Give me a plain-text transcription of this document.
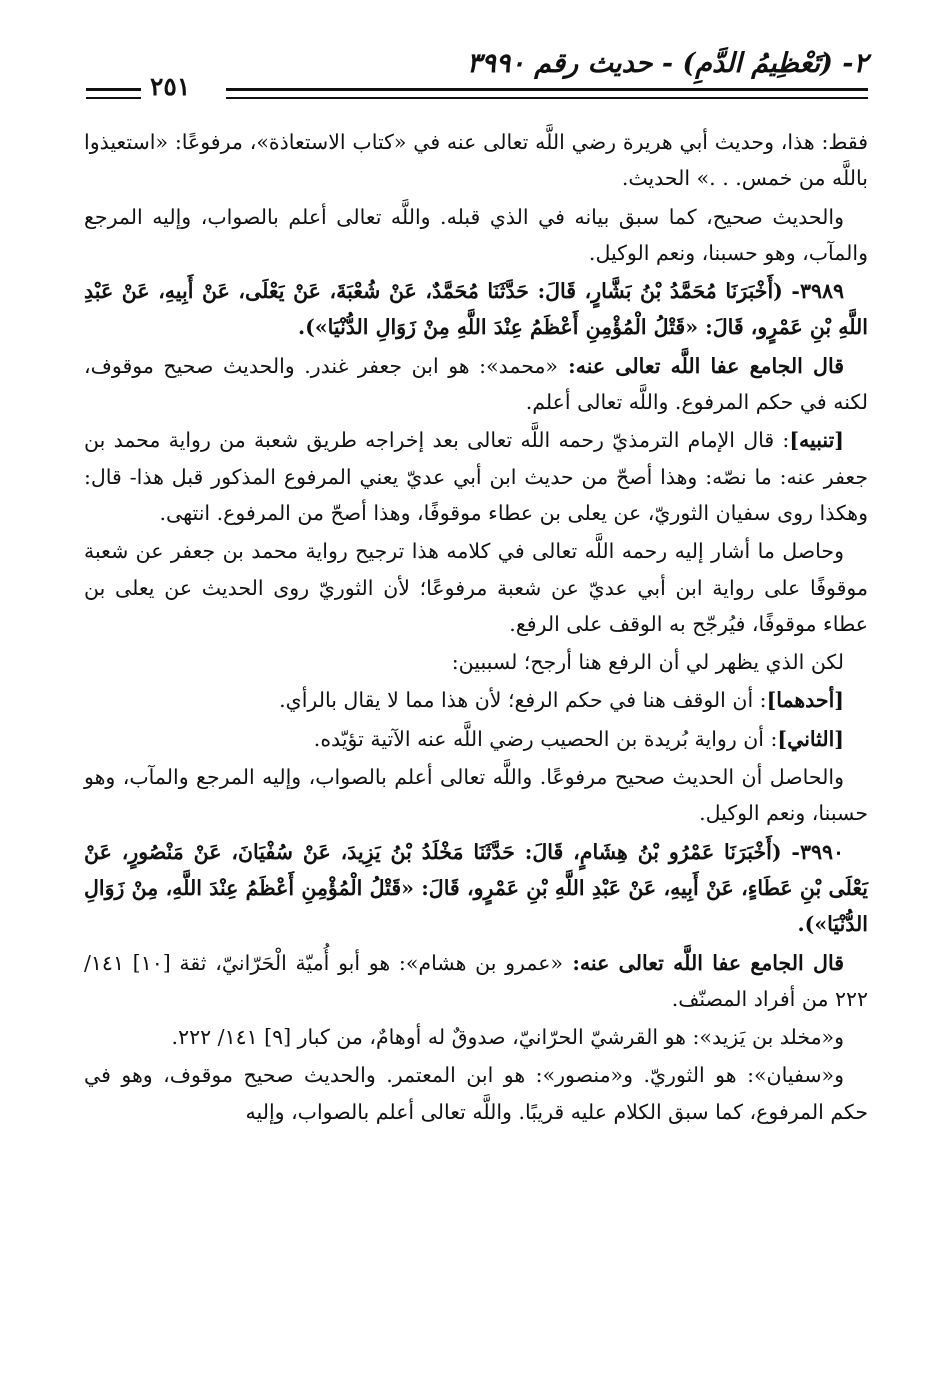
٢- (تَعْظِيمُ الدَّمِ) - حديث رقم ٣٩٩٠
٢٥١

فقط: هذا، وحديث أبي هريرة رضي اللَّه تعالى عنه في «كتاب الاستعاذة»، مرفوعًا: «استعيذوا باللَّه من خمس. . .» الحديث.

والحديث صحيح، كما سبق بيانه في الذي قبله. واللَّه تعالى أعلم بالصواب، وإليه المرجع والمآب، وهو حسبنا، ونعم الوكيل.

٣٩٨٩- (أَخْبَرَنَا مُحَمَّدُ بْنُ بَشَّارٍ، قَالَ: حَدَّثَنَا مُحَمَّدٌ، عَنْ شُعْبَةَ، عَنْ يَعْلَى، عَنْ أَبِيهِ، عَنْ عَبْدِ اللَّهِ بْنِ عَمْرٍو، قَالَ: «قَتْلُ الْمُؤْمِنِ أَعْظَمُ عِنْدَ اللَّهِ مِنْ زَوَالِ الدُّنْيَا»).

قال الجامع عفا اللَّه تعالى عنه: «محمد»: هو ابن جعفر غندر. والحديث صحيح موقوف، لكنه في حكم المرفوع. واللَّه تعالى أعلم.

[تنبيه]: قال الإمام الترمذيّ رحمه اللَّه تعالى بعد إخراجه طريق شعبة من رواية محمد بن جعفر عنه: ما نصّه: وهذا أصحّ من حديث ابن أبي عديّ يعني المرفوع المذكور قبل هذا- قال: وهكذا روى سفيان الثوريّ، عن يعلى بن عطاء موقوفًا، وهذا أصحّ من المرفوع. انتهى.

وحاصل ما أشار إليه رحمه اللَّه تعالى في كلامه هذا ترجيح رواية محمد بن جعفر عن شعبة موقوفًا على رواية ابن أبي عديّ عن شعبة مرفوعًا؛ لأن الثوريّ روى الحديث عن يعلى بن عطاء موقوفًا، فيُرجّح به الوقف على الرفع.

لكن الذي يظهر لي أن الرفع هنا أرجح؛ لسببين:

[أحدهما]: أن الوقف هنا في حكم الرفع؛ لأن هذا مما لا يقال بالرأي.

[الثاني]: أن رواية بُريدة بن الحصيب رضي اللَّه عنه الآتية تؤيّده.

والحاصل أن الحديث صحيح مرفوعًا. واللَّه تعالى أعلم بالصواب، وإليه المرجع والمآب، وهو حسبنا، ونعم الوكيل.

٣٩٩٠- (أَخْبَرَنَا عَمْرُو بْنُ هِشَامٍ، قَالَ: حَدَّثَنَا مَخْلَدُ بْنُ يَزِيدَ، عَنْ سُفْيَانَ، عَنْ مَنْصُورٍ، عَنْ يَعْلَى بْنِ عَطَاءٍ، عَنْ أَبِيهِ، عَنْ عَبْدِ اللَّهِ بْنِ عَمْرٍو، قَالَ: «قَتْلُ الْمُؤْمِنِ أَعْظَمُ عِنْدَ اللَّهِ، مِنْ زَوَالِ الدُّنْيَا»).

قال الجامع عفا اللَّه تعالى عنه: «عمرو بن هشام»: هو أبو أُميّة الْحَرّانيّ، ثقة [١٠] ١٤١/ ٢٢٢ من أفراد المصنّف.

و«مخلد بن يَزيد»: هو القرشيّ الحرّانيّ، صدوقٌ له أوهامٌ، من كبار [٩] ١٤١/ ٢٢٢.

و«سفيان»: هو الثوريّ. و«منصور»: هو ابن المعتمر. والحديث صحيح موقوف، وهو في حكم المرفوع، كما سبق الكلام عليه قريبًا. واللَّه تعالى أعلم بالصواب، وإليه
